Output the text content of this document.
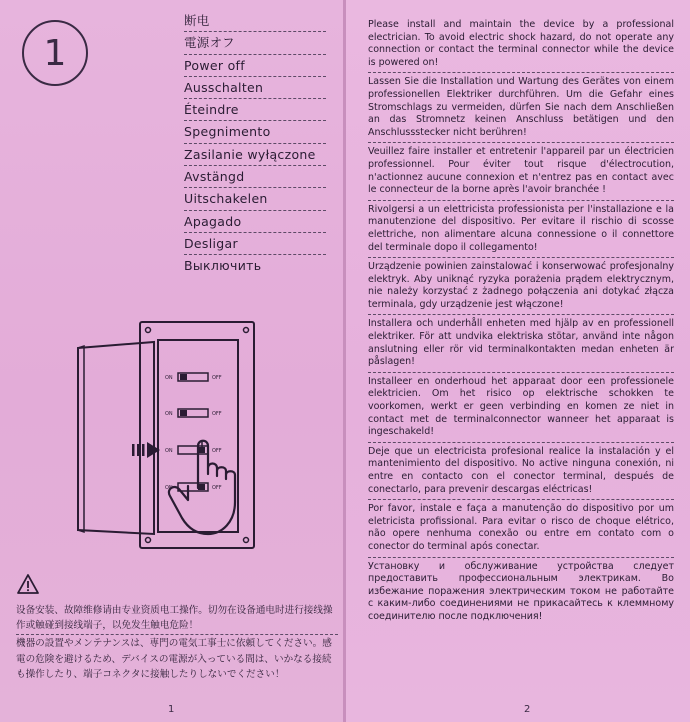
1
断电
電源オフ
Power off
Ausschalten
Éteindre
Spegnimento
Zasilanie wyłączone
Avstängd
Uitschakelen
Apagado
Desligar
Выключить
ON	OFF
ON	OFF
ON	OFF
ON	OFF
设备安装、故障维修请由专业资质电工操作。切勿在设备通电时进行接线操作或触碰到接线端子，以免发生触电危险！
機器の設置やメンテナンスは、専門の電気工事士に依頼してください。感電の危険を避けるため、デバイスの電源が入っている間は、いかなる接続も操作したり、端子コネクタに接触したりしないでください！
1
Please install and maintain the device by a professional electrician. To avoid electric shock hazard, do not operate any connection or contact the terminal connector while the device is powered on!
Lassen Sie die Installation und Wartung des Gerätes von einem professionellen Elektriker durchführen. Um die Gefahr eines Stromschlags zu vermeiden, dürfen Sie nach dem Anschließen an das Stromnetz keinen Anschluss betätigen und den Anschlussstecker nicht berühren!
Veuillez faire installer et entretenir l'appareil par un électricien professionnel. Pour éviter tout risque d'électrocution, n'actionnez aucune connexion et n'entrez pas en contact avec le connecteur de la borne après l'avoir branchée !
Rivolgersi a un elettricista professionista per l'installazione e la manutenzione del dispositivo. Per evitare il rischio di scosse elettriche, non alimentare alcuna connessione o il connettore del terminale dopo il collegamento!
Urządzenie powinien zainstalować i konserwować profesjonalny elektryk. Aby uniknąć ryzyka porażenia prądem elektrycznym, nie należy korzystać z żadnego połączenia ani dotykać złącza terminala, gdy urządzenie jest włączone!
Installera och underhåll enheten med hjälp av en professionell elektriker. För att undvika elektriska stötar, använd inte någon anslutning eller rör vid terminalkontakten medan enheten är påslagen!
Installeer en onderhoud het apparaat door een professionele elektricien. Om het risico op elektrische schokken te voorkomen, werkt er geen verbinding en komen ze niet in contact met de terminalconnector wanneer het apparaat is ingeschakeld!
Deje que un electricista profesional realice la instalación y el mantenimiento del dispositivo. No active ninguna conexión, ni entre en contacto con el conector terminal, después de conectarlo, para prevenir descargas eléctricas!
Por favor, instale e faça a manutenção do dispositivo por um eletricista profissional. Para evitar o risco de choque elétrico, não opere nenhuma conexão ou entre em contato com o conector do terminal após conectar.
Установку и обслуживание устройства следует предоставить профессиональным электрикам. Во избежание поражения электрическим током не работайте с каким-либо соединениями не прикасайтесь к клеммному соединителю после подключения!
2
